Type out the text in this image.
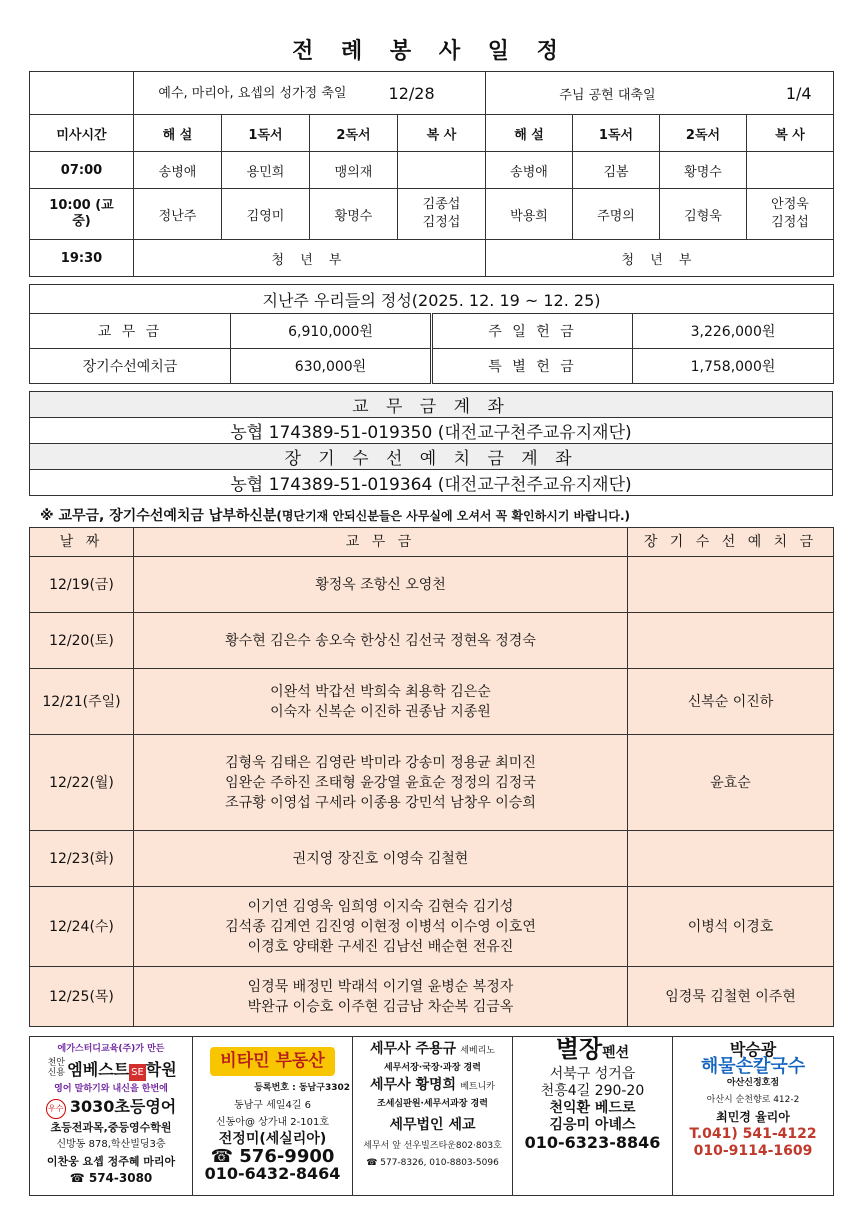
전 례 봉 사 일 정
	예수, 마리아, 요셉의 성가정 축일 12/28				주님 공현 대축일 1/4			
미사시간	해 설	1독서	2독서	복 사	해 설	1독서	2독서	복 사
07:00	송병애	용민희	맹의재		송병애	김봄	황명수	
10:00 (교중)	정난주	김영미	황명수	김종섭 김정섭	박용희	주명의	김형욱	안정욱 김정섭
19:30	청 년 부				청 년 부			
지난주 우리들의 정성(2025. 12. 19 ~ 12. 25)			
교 무 금	6,910,000원	주 일 헌 금	3,226,000원
장기수선예치금	630,000원	특 별 헌 금	1,758,000원
교 무 금 계 좌
농협 174389-51-019350 (대전교구천주교유지재단)
장 기 수 선 예 치 금 계 좌
농협 174389-51-019364 (대전교구천주교유지재단)
※ 교무금, 장기수선예치금 납부하신분(명단기재 안되신분들은 사무실에 오셔서 꼭 확인하시기 바랍니다.)
날 짜	교 무 금	장 기 수 선 예 치 금
12/19(금)	황정옥 조항신 오영천	

12/20(토)	황수현 김은수 송오숙 한상신 김선국 정현옥 정경숙	

12/21(주일)	이완석 박갑선 박희숙 최용학 김은순
이숙자 신복순 이진하 권종남 지종원	신복순 이진하
12/22(월)	김형욱 김태은 김영란 박미라 강송미 정용균 최미진
임완순 주하진 조태형 윤강열 윤효순 정정의 김정국
조규황 이영섭 구세라 이종용 강민석 남창우 이승희	윤효순
12/23(화)	권지영 장진호 이영숙 김철현	

12/24(수)	이기연 김영욱 임희영 이지숙 김현숙 김기성
김석종 김계연 김진영 이현정 이병석 이수영 이호연
이경호 양태환 구세진 김남선 배순현 전유진	이병석 이경호
12/25(목)	임경묵 배정민 박래석 이기열 윤병순 복정자
박완규 이승호 이주현 김금남 차순복 김금옥	임경묵 김철현 이주현
에가스터디교육(주)가 만든
천안 신용 엠베스트 SE 학원
영어 말하기와 내신을 한번에
우수 3030초등영어
초등전과목,중등영수학원
신방동 878,학산빌딩3층
이찬웅 요셉 정주혜 마리아
☎ 574-3080
	비타민 부동산
등록번호 : 동남구3302
동남구 세일4길 6
신동아@ 상가내 2-101호
전정미(세실리아)
☎ 576-9900
010-6432-8464

세무사 주용규 세베리노
세무서장·국장·과장 경력
세무사 황명희 베트니카
조세심판원·세무서과장 경력
세무법인 세교
세무서 앞 선우빌즈타운802·803호
☎ 577-8326, 010-8803-5096

별장펜션
서북구 성거읍
천흥4길 290-20
천익환 베드로
김응미 아녜스
010-6323-8846

박승광
해물손칼국수
아산신정호점
아산시 순천향로 412-2
최민경 율리아
T.041) 541-4122
010-9114-1609
